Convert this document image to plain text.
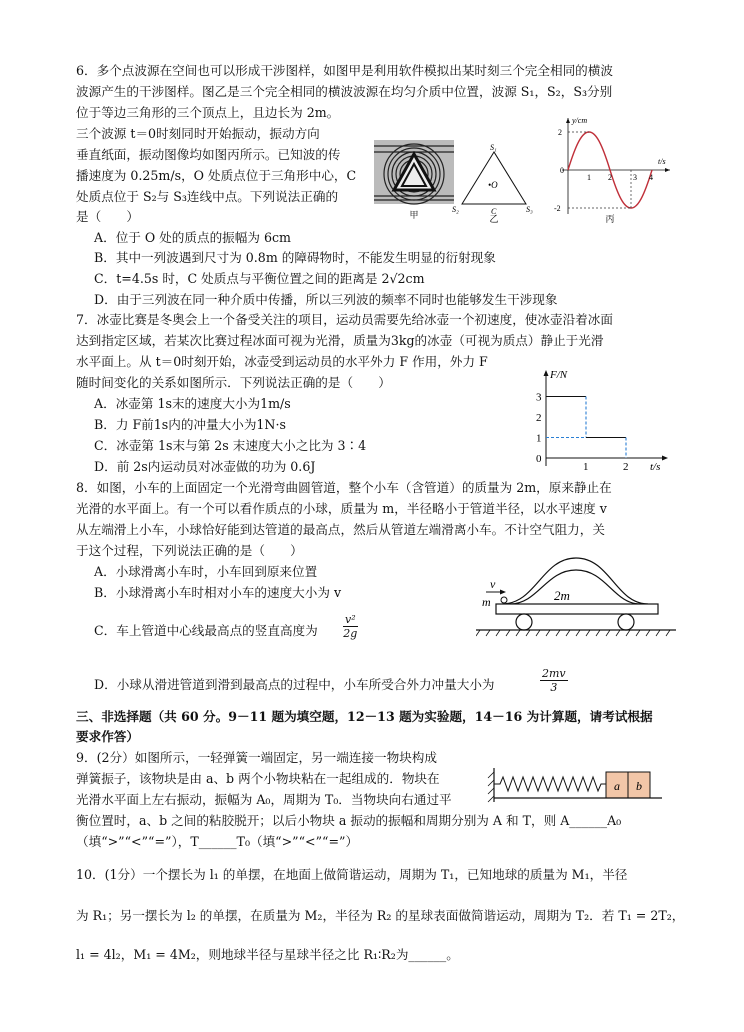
6．多个点波源在空间也可以形成干涉图样，如图甲是利用软件模拟出某时刻三个完全相同的横波
波源产生的干涉图样。图乙是三个完全相同的横波波源在均匀介质中位置，波源 S₁，S₂，S₃分别
位于等边三角形的三个顶点上，且边长为 2m。
三个波源 t＝0时刻同时开始振动，振动方向
垂直纸面，振动图像均如图丙所示。已知波的传
播速度为 0.25m/s，O 处质点位于三角形中心，C
处质点位于 S₂与 S₃连线中点。下列说法正确的
是（　　）
A．位于 O 处的质点的振幅为 6cm
B．其中一列波遇到尺寸为 0.8m 的障碍物时，不能发生明显的衍射现象
C．t=4.5s 时，C 处质点与平衡位置之间的距离是 2√2cm
D．由于三列波在同一种介质中传播，所以三列波的频率不同时也能够发生干涉现象
甲
S₁
S₂	S₃
•O
C
乙
y/cm
t/s
2
0
-2
1 2	3 4
丙
7．冰壶比赛是冬奥会上一个备受关注的项目，运动员需要先给冰壶一个初速度，使冰壶沿着冰面
达到指定区域，若某次比赛过程冰面可视为光滑，质量为3kg的冰壶（可视为质点）静止于光滑
水平面上。从 t＝0时刻开始，冰壶受到运动员的水平外力 F 作用，外力 F
随时间变化的关系如图所示．下列说法正确的是（　　）
A．冰壶第 1s末的速度大小为1m/s
B．力 F前1s内的冲量大小为1N·s
C．冰壶第 1s末与第 2s 末速度大小之比为 3∶4
D．前 2s内运动员对冰壶做的功为 0.6J
F/N
t/s
0
1
2
3
1	2
8．如图，小车的上面固定一个光滑弯曲圆管道，整个小车（含管道）的质量为 2m，原来静止在
光滑的水平面上。有一个可以看作质点的小球，质量为 m，半径略小于管道半径，以水平速度 v
从左端滑上小车，小球恰好能到达管道的最高点，然后从管道左端滑离小车。不计空气阻力，关
于这个过程，下列说法正确的是（　　）
A．小球滑离小车时，小车回到原来位置
B．小球滑离小车时相对小车的速度大小为 v
C．车上管道中心线最高点的竖直高度为 $\frac{\text{v²}}{2g}$
D．小球从滑进管道到滑到最高点的过程中，小车所受合外力冲量大小为	$\frac{2mv}{3}$
v
m	2m
三、非选择题（共 60 分。9－11 题为填空题，12－13 题为实验题，14－16 为计算题，请考试根据
要求作答）
9．(2分）如图所示，一轻弹簧一端固定，另一端连接一物块构成
弹簧振子，该物块是由 a、b 两个小物块粘在一起组成的．物块在
光滑水平面上左右振动，振幅为 A₀，周期为 T₀．当物块向右通过平
衡位置时，a、b 之间的粘胶脱开；以后小物块 a 振动的振幅和周期分别为 A 和 T，则 A______A₀
（填“>”“<”“=”），T______T₀（填“>”“<”“=”）
a b
10．(1分）一个摆长为 l₁ 的单摆，在地面上做简谐运动，周期为 T₁，已知地球的质量为 M₁，半径
为 R₁；另一摆长为 l₂ 的单摆，在质量为 M₂，半径为 R₂ 的星球表面做简谐运动，周期为 T₂．若 T₁ = 2T₂，
l₁ = 4l₂，M₁ = 4M₂，则地球半径与星球半径之比 R₁∶R₂为______。
